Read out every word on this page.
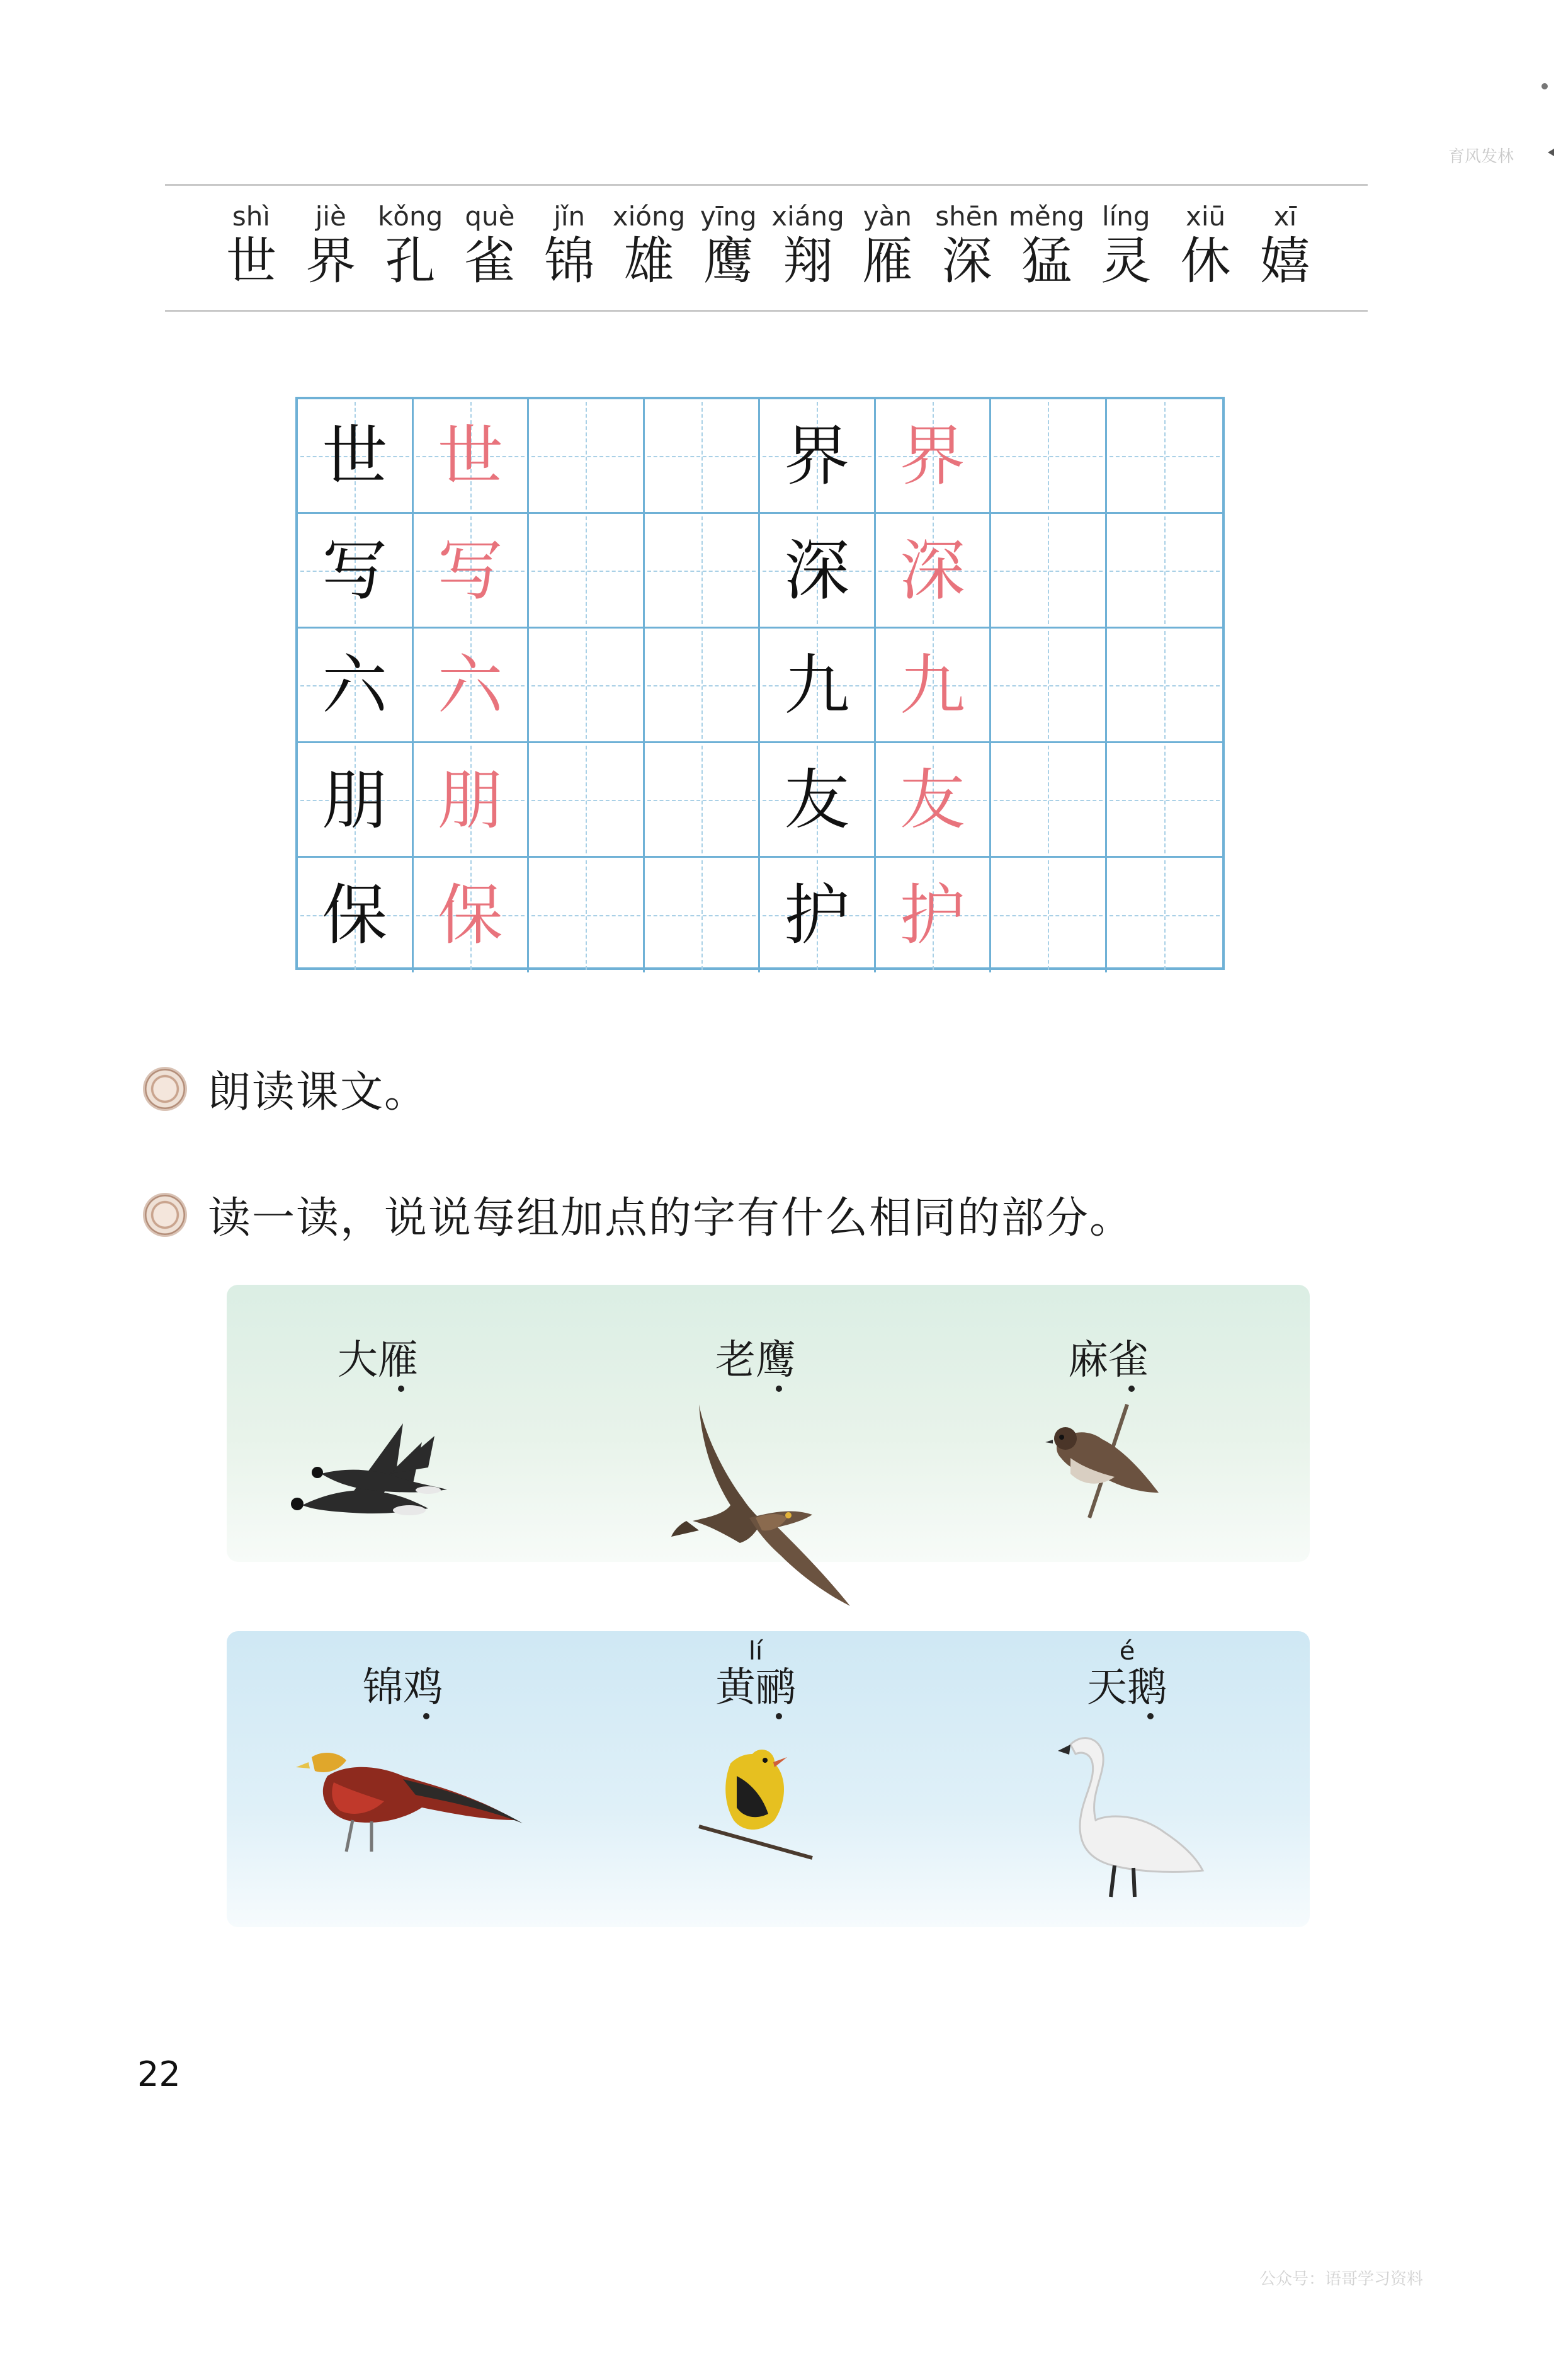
育风发林
shì
世
jiè
界
kǒng
孔
què
雀
jǐn
锦
xióng
雄
yīng
鹰
xiáng
翔
yàn
雁
shēn
深
měng
猛
líng
灵
xiū
休
xī
嬉
世 世	界 界
写 写	深 深
六 六	九 九
朋 朋	友 友
保 保	护 护
朗读课文。
读一读，说说每组加点的字有什么相同的部分。
大雁	老鹰	麻雀
锦鸡
lí
黄鹂
é
天鹅
22
公众号：语哥学习资料
